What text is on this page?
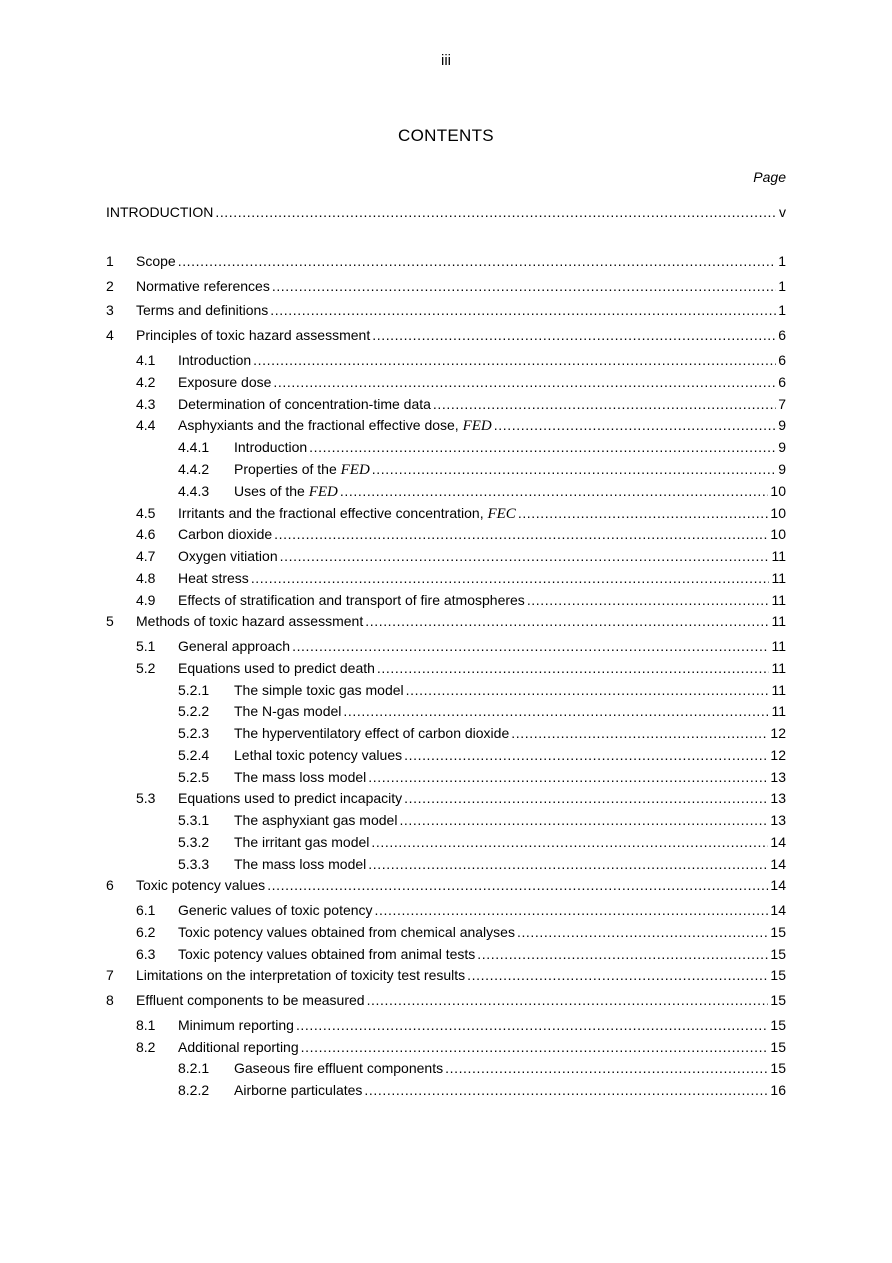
iii
CONTENTS
Page
INTRODUCTION .....	v
1	Scope .....	1
2	Normative references .....	1
3	Terms and definitions .....	1
4	Principles of toxic hazard assessment .....	6
4.1	Introduction .....	6
4.2	Exposure dose .....	6
4.3	Determination of concentration-time data .....	7
4.4	Asphyxiants and the fractional effective dose, FED .....	9
4.4.1	Introduction .....	9
4.4.2	Properties of the FED .....	9
4.4.3	Uses of the FED .....	10
4.5	Irritants and the fractional effective concentration, FEC .....	10
4.6	Carbon dioxide .....	10
4.7	Oxygen vitiation .....	11
4.8	Heat stress .....	11
4.9	Effects of stratification and transport of fire atmospheres .....	11
5	Methods of toxic hazard assessment .....	11
5.1	General approach .....	11
5.2	Equations used to predict death .....	11
5.2.1	The simple toxic gas model .....	11
5.2.2	The N-gas model .....	11
5.2.3	The hyperventilatory effect of carbon dioxide .....	12
5.2.4	Lethal toxic potency values .....	12
5.2.5	The mass loss model .....	13
5.3	Equations used to predict incapacity .....	13
5.3.1	The asphyxiant gas model .....	13
5.3.2	The irritant gas model .....	14
5.3.3	The mass loss model .....	14
6	Toxic potency values .....	14
6.1	Generic values of toxic potency .....	14
6.2	Toxic potency values obtained from chemical analyses .....	15
6.3	Toxic potency values obtained from animal tests .....	15
7	Limitations on the interpretation of toxicity test results .....	15
8	Effluent components to be measured .....	15
8.1	Minimum reporting .....	15
8.2	Additional reporting .....	15
8.2.1	Gaseous fire effluent components .....	15
8.2.2	Airborne particulates .....	16
